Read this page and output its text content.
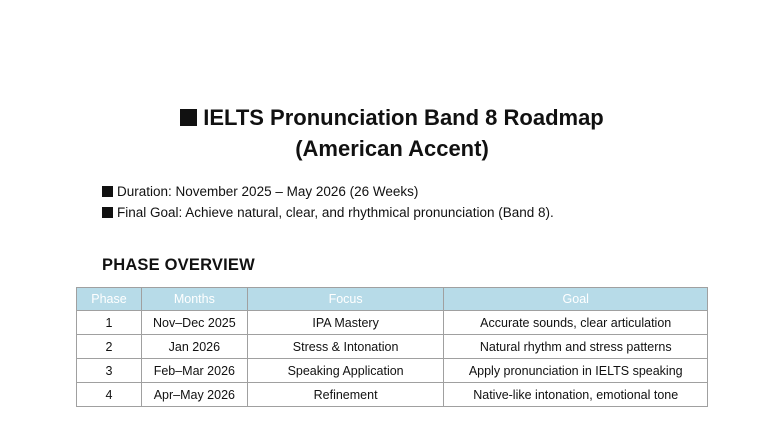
IELTS Pronunciation Band 8 Roadmap
(American Accent)
Duration: November 2025 – May 2026 (26 Weeks)
Final Goal: Achieve natural, clear, and rhythmical pronunciation (Band 8).
PHASE OVERVIEW
Phase	Months	Focus	Goal
1	Nov–Dec 2025	IPA Mastery	Accurate sounds, clear articulation
2	Jan 2026	Stress & Intonation	Natural rhythm and stress patterns
3	Feb–Mar 2026	Speaking Application	Apply pronunciation in IELTS speaking
4	Apr–May 2026	Refinement	Native-like intonation, emotional tone
